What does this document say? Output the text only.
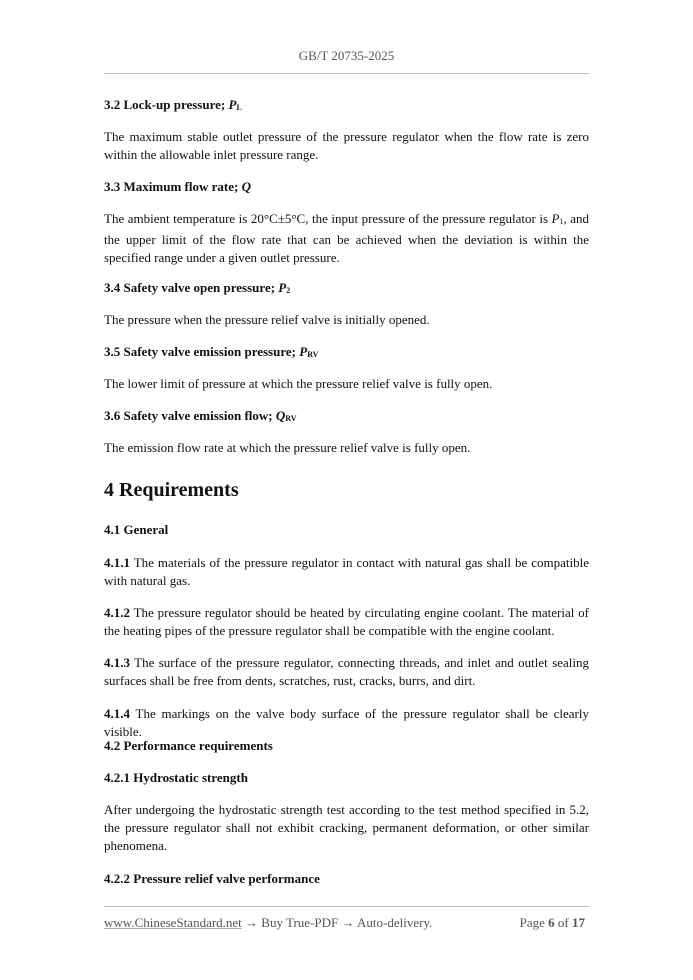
GB/T 20735-2025
3.2 Lock-up pressure; $P_L$
The maximum stable outlet pressure of the pressure regulator when the flow rate is zero within the allowable inlet pressure range.
3.3 Maximum flow rate; Q
The ambient temperature is 20°C±5°C, the input pressure of the pressure regulator is $P_1$, and the upper limit of the flow rate that can be achieved when the deviation is within the specified range under a given outlet pressure.
3.4 Safety valve open pressure; $P_2$
The pressure when the pressure relief valve is initially opened.
3.5 Safety valve emission pressure; $P_{RV}$
The lower limit of pressure at which the pressure relief valve is fully open.
3.6 Safety valve emission flow; $Q_{RV}$
The emission flow rate at which the pressure relief valve is fully open.
4 Requirements
4.1 General
4.1.1 The materials of the pressure regulator in contact with natural gas shall be compatible with natural gas.
4.1.2 The pressure regulator should be heated by circulating engine coolant. The material of the heating pipes of the pressure regulator shall be compatible with the engine coolant.
4.1.3 The surface of the pressure regulator, connecting threads, and inlet and outlet sealing surfaces shall be free from dents, scratches, rust, cracks, burrs, and dirt.
4.1.4 The markings on the valve body surface of the pressure regulator shall be clearly visible.
4.2 Performance requirements
4.2.1 Hydrostatic strength
After undergoing the hydrostatic strength test according to the test method specified in 5.2, the pressure regulator shall not exhibit cracking, permanent deformation, or other similar phenomena.
4.2.2 Pressure relief valve performance
www.ChineseStandard.net → Buy True-PDF → Auto-delivery.	Page 6 of 17
